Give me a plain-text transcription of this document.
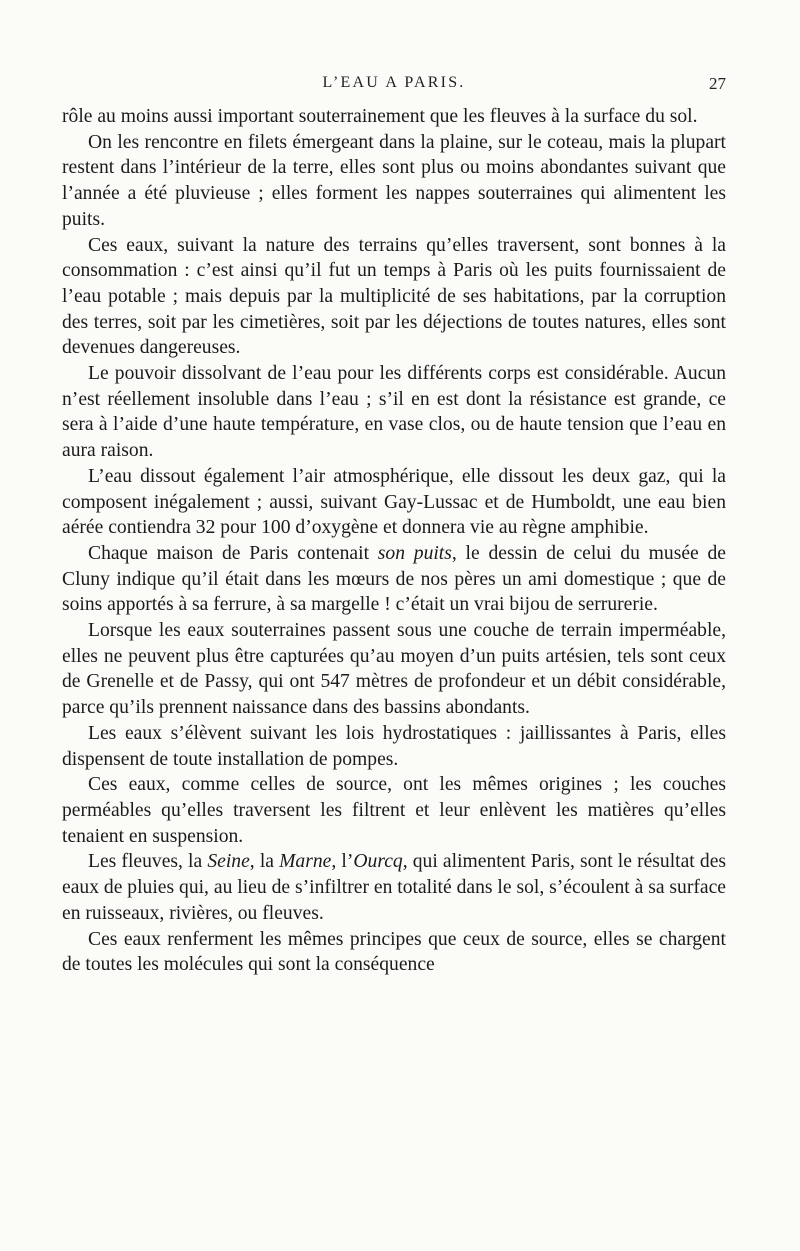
L’EAU A PARIS.	27

rôle au moins aussi important souterrainement que les fleuves à la surface du sol.

On les rencontre en filets émergeant dans la plaine, sur le coteau, mais la plupart restent dans l’intérieur de la terre, elles sont plus ou moins abondantes suivant que l’année a été pluvieuse ; elles forment les nappes souterraines qui alimentent les puits.

Ces eaux, suivant la nature des terrains qu’elles traversent, sont bonnes à la consommation : c’est ainsi qu’il fut un temps à Paris où les puits fournissaient de l’eau potable ; mais depuis par la multiplicité de ses habitations, par la corruption des terres, soit par les cimetières, soit par les déjections de toutes natures, elles sont devenues dangereuses.

Le pouvoir dissolvant de l’eau pour les différents corps est considérable. Aucun n’est réellement insoluble dans l’eau ; s’il en est dont la résistance est grande, ce sera à l’aide d’une haute température, en vase clos, ou de haute tension que l’eau en aura raison.

L’eau dissout également l’air atmosphérique, elle dissout les deux gaz, qui la composent inégalement ; aussi, suivant Gay-Lussac et de Humboldt, une eau bien aérée contiendra 32 pour 100 d’oxygène et donnera vie au règne amphibie.

Chaque maison de Paris contenait son puits, le dessin de celui du musée de Cluny indique qu’il était dans les mœurs de nos pères un ami domestique ; que de soins apportés à sa ferrure, à sa margelle ! c’était un vrai bijou de serrurerie.

Lorsque les eaux souterraines passent sous une couche de terrain imperméable, elles ne peuvent plus être capturées qu’au moyen d’un puits artésien, tels sont ceux de Grenelle et de Passy, qui ont 547 mètres de profondeur et un débit considérable, parce qu’ils prennent naissance dans des bassins abondants.

Les eaux s’élèvent suivant les lois hydrostatiques : jaillissantes à Paris, elles dispensent de toute installation de pompes.

Ces eaux, comme celles de source, ont les mêmes origines ; les couches perméables qu’elles traversent les filtrent et leur enlèvent les matières qu’elles tenaient en suspension.

Les fleuves, la Seine, la Marne, l’Ourcq, qui alimentent Paris, sont le résultat des eaux de pluies qui, au lieu de s’infiltrer en totalité dans le sol, s’écoulent à sa surface en ruisseaux, rivières, ou fleuves.

Ces eaux renferment les mêmes principes que ceux de source, elles se chargent de toutes les molécules qui sont la conséquence
